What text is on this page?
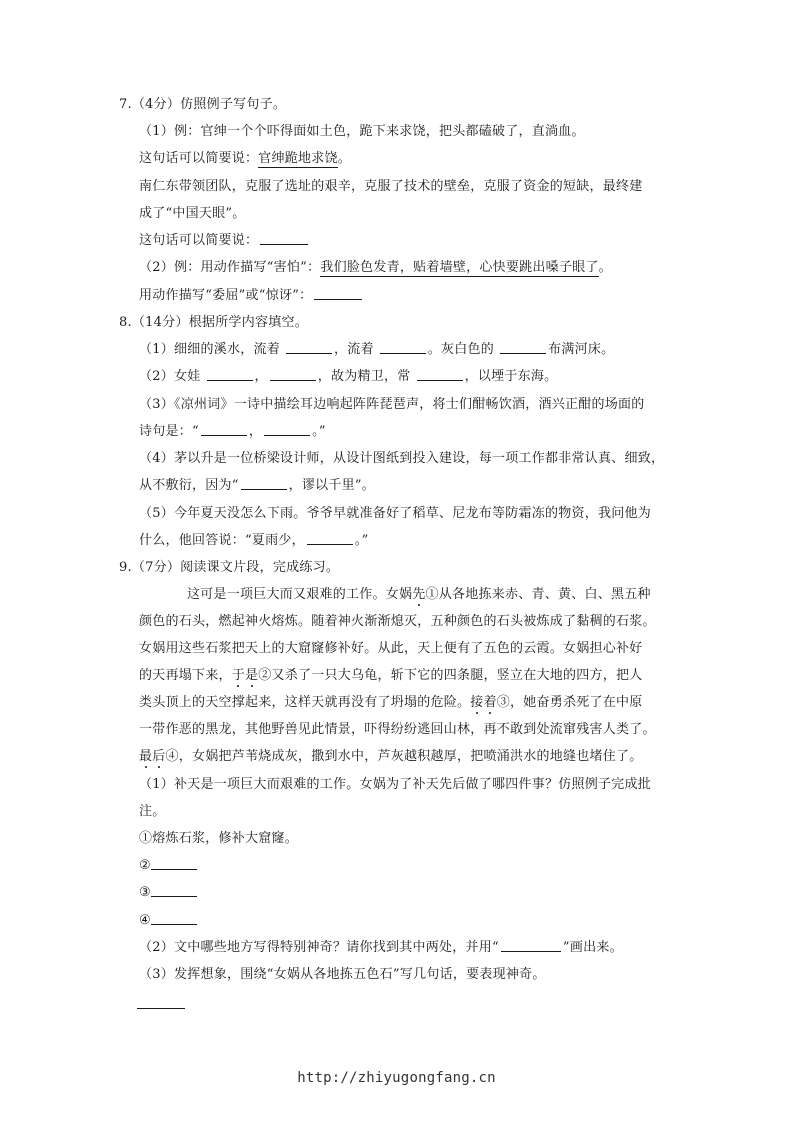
7.（4分）仿照例子写句子。
（1）例：官绅一个个吓得面如土色，跪下来求饶，把头都磕破了，直淌血。
这句话可以简要说：官绅跪地求饶。
南仁东带领团队，克服了选址的艰辛，克服了技术的壁垒，克服了资金的短缺，最终建
成了“中国天眼”。
这句话可以简要说：
（2）例：用动作描写“害怕”：我们脸色发青，贴着墙壁，心快要跳出嗓子眼了。
用动作描写“委屈”或“惊讶”：
8.（14分）根据所学内容填空。
（1）细细的溪水，流着	，流着	。灰白色的	布满河床。
（2）女娃	，	，故为精卫，常	，以堙于东海。
（3）《凉州词》一诗中描绘耳边响起阵阵琵琶声，将士们酣畅饮酒，酒兴正酣的场面的
诗句是：“	，	。”
（4）茅以升是一位桥梁设计师，从设计图纸到投入建设，每一项工作都非常认真、细致，
从不敷衍，因为“	，谬以千里”。
（5）今年夏天没怎么下雨。爷爷早就准备好了稻草、尼龙布等防霜冻的物资，我问他为
什么，他回答说：“夏雨少，	。”
9.（7分）阅读课文片段，完成练习。
这可是一项巨大而又艰难的工作。女娲先①从各地拣来赤、青、黄、白、黑五种
颜色的石头，燃起神火熔炼。随着神火渐渐熄灭，五种颜色的石头被炼成了黏稠的石浆。
女娲用这些石浆把天上的大窟窿修补好。从此，天上便有了五色的云霞。女娲担心补好
的天再塌下来，于是②又杀了一只大乌龟，斩下它的四条腿，竖立在大地的四方，把人
类头顶上的天空撑起来，这样天就再没有了坍塌的危险。接着③，她奋勇杀死了在中原
一带作恶的黑龙，其他野兽见此情景，吓得纷纷逃回山林，再不敢到处流窜残害人类了。
最后④，女娲把芦苇烧成灰，撒到水中，芦灰越积越厚，把喷涌洪水的地缝也堵住了。
（1）补天是一项巨大而艰难的工作。女娲为了补天先后做了哪四件事？仿照例子完成批
注。
①熔炼石浆，修补大窟窿。
②
③
④
（2）文中哪些地方写得特别神奇？请你找到其中两处，并用“	”画出来。
（3）发挥想象，围绕“女娲从各地拣五色石”写几句话，要表现神奇。
http://zhiyugongfang.cn
